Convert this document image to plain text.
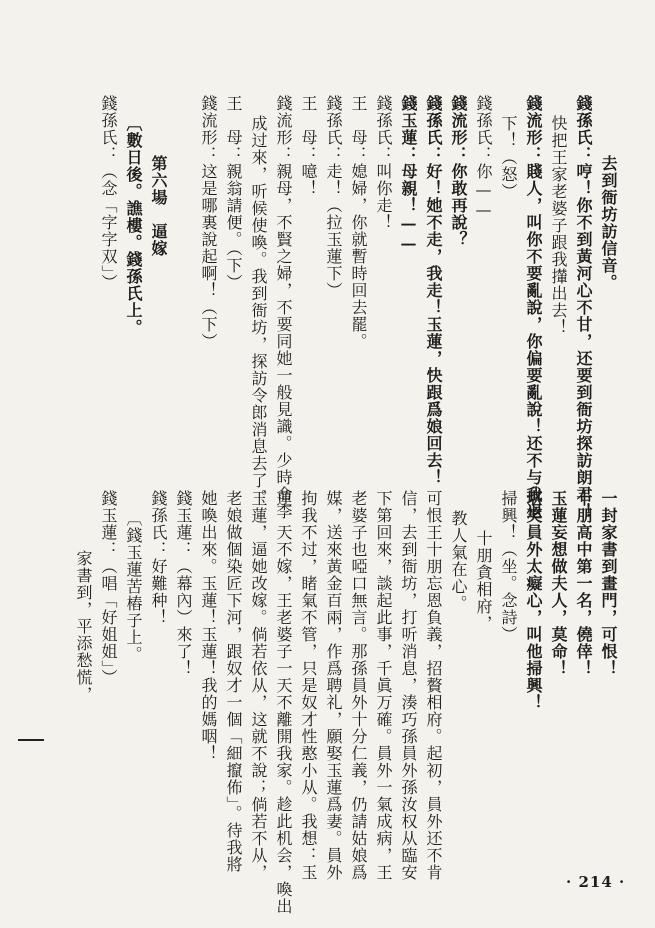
去到衙坊訪信音。
錢孫氏：哼！你不到黃河心不甘，还要到衙坊探訪朗君！
快把王家老婆子跟我攆出去！
錢流形：賤人，叫你不要亂說，你偏要亂說！还不与我退
下！（怒）
錢孫氏：你——
錢流形：你敢再說？
錢孫氏：好！她不走，我走！玉蓮，快跟爲娘回去！
錢玉蓮：母親！——
錢孫氏：叫你走！
王　母：媳婦，你就暫時回去罷。
錢孫氏：走！（拉玉蓮下）
王　母：噫！
錢流形：親母，不賢之婦，不要同她一般見識。少時命李
成过來，听候使喚。我到衙坊，探訪令郎消息去了。
王　母：親翁請便。（下）
錢流形：这是哪裏說起啊！（下）
第六場　逼嫁
〔數日後。譙樓。錢孫氏上。
錢孫氏：（念「字字双」）
一封家書到畫門，可恨！
十朋高中第一名，僥倖！
玉蓮妄想做夫人，莫命！
堪笑員外太癡心，叫他掃興！
掃興！（坐。念詩）
十朋貪相府，
教人氣在心。
可恨王十朋忘恩負義，招贅相府。起初，員外还不肯
信，去到衙坊，打听消息，湊巧孫員外孫汝权从臨安
下第回來，談起此事，千眞万確。員外一氣成病，王
老婆子也啞口無言。那孫員外十分仁義，仍請姑娘爲
媒，送來黃金百兩，作爲聘礼，願娶玉蓮爲妻。員外
拘我不过，睹氣不管，只是奴才性憨小从。我想：玉
蓮一天不嫁，王老婆子一天不離開我家。趁此机会，喚出
玉蓮，逼她改嫁。倘若依从，这就不說；倘若不从，
老娘做個染匠下河，跟奴才一個「細攛佈」。待我將
她喚出來。玉蓮！玉蓮！我的媽咽！
錢玉蓮：（幕內）來了！
錢孫氏：好難种！
〔錢玉蓮苦樁子上。
錢玉蓮：（唱「好姐姐」）
家書到，平添愁慌，
· 214 ·
